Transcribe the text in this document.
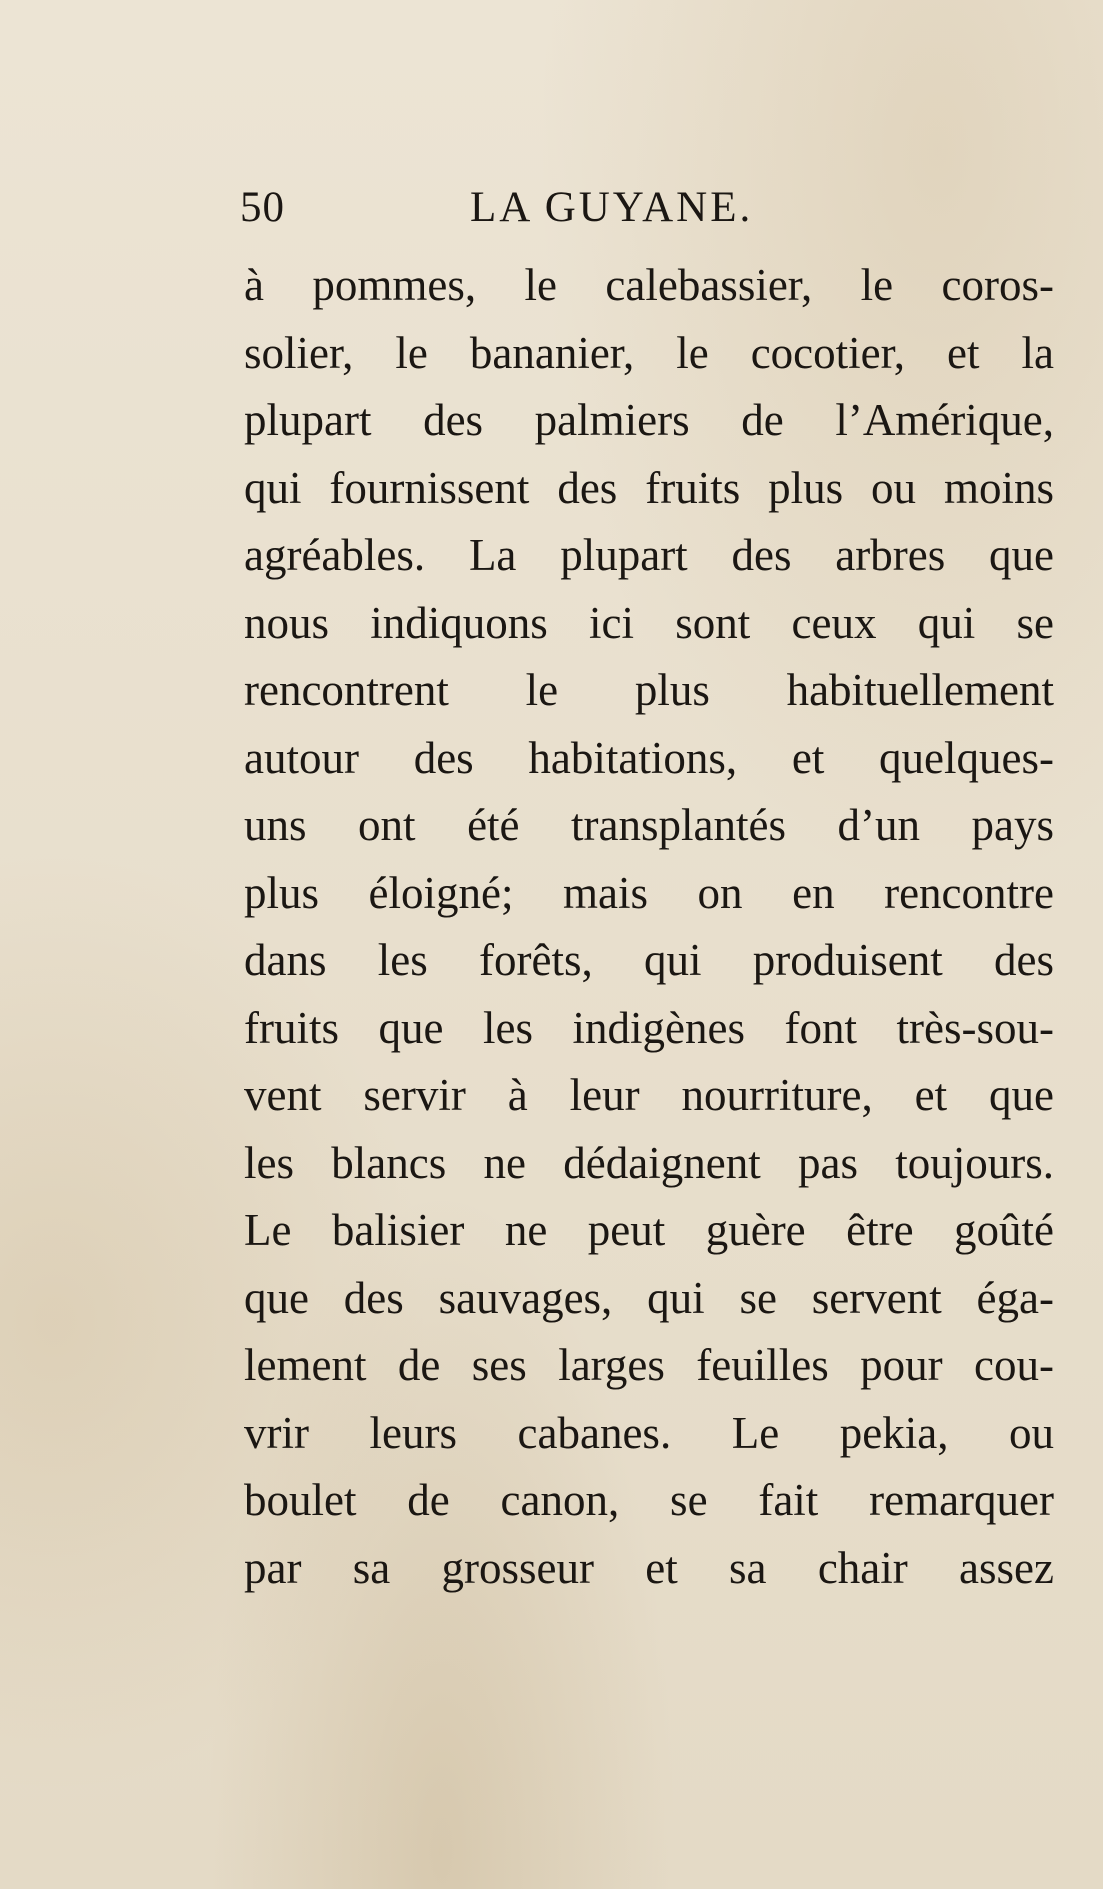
50	LA GUYANE.
à pommes, le calebassier, le coros-
solier, le bananier, le cocotier, et la
plupart des palmiers de l’Amérique,
qui fournissent des fruits plus ou moins
agréables. La plupart des arbres que
nous indiquons ici sont ceux qui se
rencontrent le plus habituellement
autour des habitations, et quelques-
uns ont été transplantés d’un pays
plus éloigné; mais on en rencontre
dans les forêts, qui produisent des
fruits que les indigènes font très-sou-
vent servir à leur nourriture, et que
les blancs ne dédaignent pas toujours.
Le balisier ne peut guère être goûté
que des sauvages, qui se servent éga-
lement de ses larges feuilles pour cou-
vrir leurs cabanes. Le pekia, ou
boulet de canon, se fait remarquer
par sa grosseur et sa chair assez
